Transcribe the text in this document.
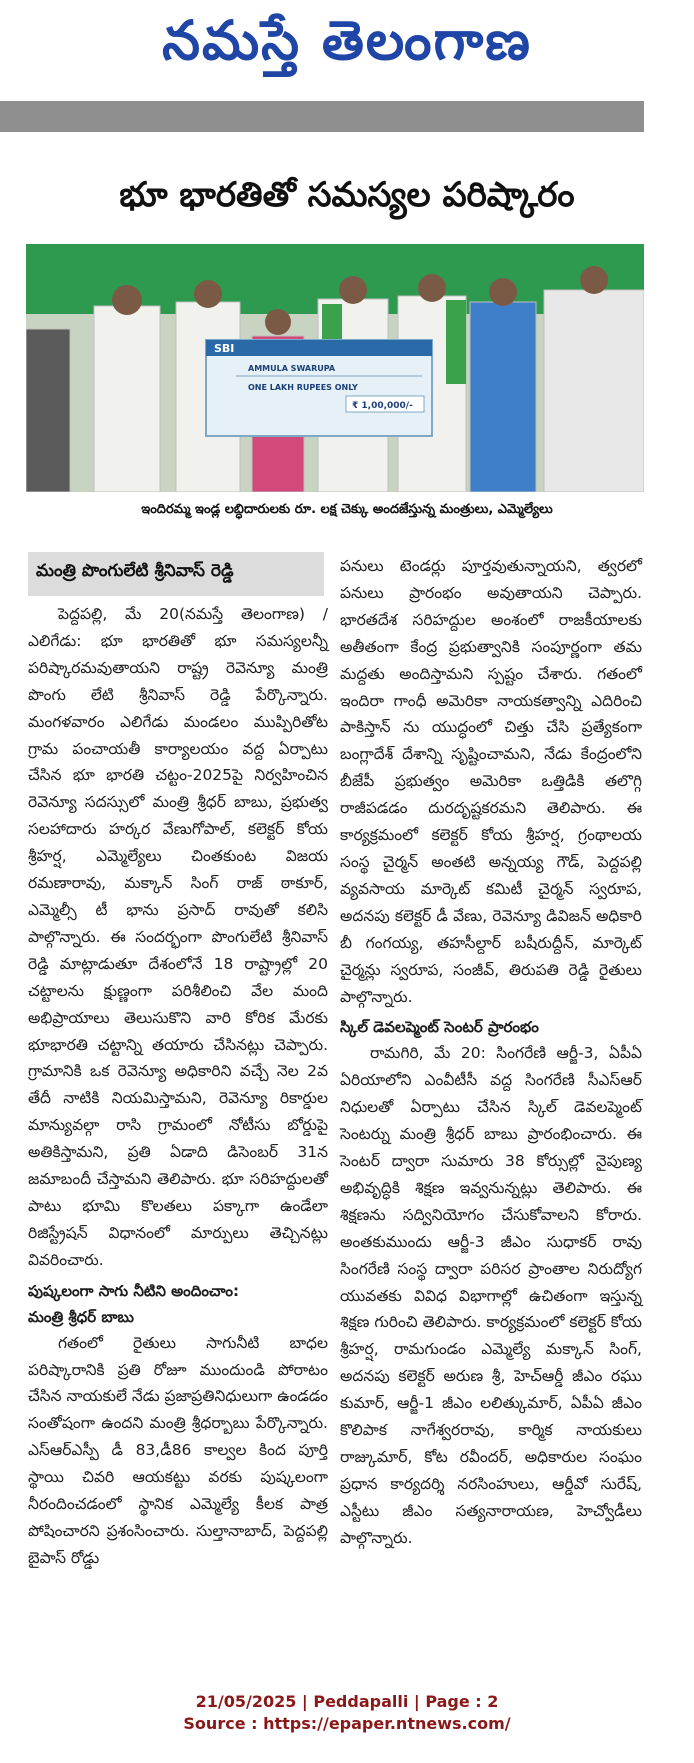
నమస్తే తెలంగాణ
భూ భారతితో సమస్యల పరిష్కారం
SBI
AMMULA SWARUPA
ONE LAKH RUPEES ONLY
₹ 1,00,000/-
ఇందిరమ్మ ఇండ్ల లబ్ధిదారులకు రూ. లక్ష చెక్కు అందజేస్తున్న మంత్రులు, ఎమ్మెల్యేలు
మంత్రి పొంగులేటి శ్రీనివాస్ రెడ్డి

పెద్దపల్లి, మే 20(నమస్తే తెలంగాణ) / ఎలిగేడు: భూ భారతితో భూ సమస్యలన్నీ పరిష్కారమవుతాయని రాష్ట్ర రెవెన్యూ మంత్రి పొంగు లేటి శ్రీనివాస్ రెడ్డి పేర్కొన్నారు. మంగళవారం ఎలిగేడు మండలం ముప్పిరితోట గ్రామ పంచాయతీ కార్యాలయం వద్ద ఏర్పాటు చేసిన భూ భారతి చట్టం-2025పై నిర్వహించిన రెవెన్యూ సదస్సులో మంత్రి శ్రీధర్ బాబు, ప్రభుత్వ సలహాదారు హర్కర వేణుగోపాల్, కలెక్టర్ కోయ శ్రీహర్ష, ఎమ్మెల్యేలు చింతకుంట విజయ రమణారావు, మక్కాన్ సింగ్ రాజ్ ఠాకూర్, ఎమ్మెల్సీ టీ భాను ప్రసాద్ రావుతో కలిసి పాల్గొన్నారు. ఈ సందర్భంగా పొంగులేటి శ్రీనివాస్ రెడ్డి మాట్లాడుతూ దేశంలోనే 18 రాష్ట్రాల్లో 20 చట్టాలను క్షుణ్ణంగా పరిశీలించి వేల మంది అభిప్రాయాలు తెలుసుకొని వారి కోరిక మేరకు భూభారతి చట్టాన్ని తయారు చేసినట్లు చెప్పారు. గ్రామానికి ఒక రెవెన్యూ అధికారిని వచ్చే నెల 2వ తేదీ నాటికి నియమిస్తామని, రెవెన్యూ రికార్డుల మాన్యువల్గా రాసి గ్రామంలో నోటీసు బోర్డుపై అతికిస్తామని, ప్రతి ఏడాది డిసెంబర్ 31న జమాబందీ చేస్తామని తెలిపారు. భూ సరిహద్దులతో పాటు భూమి కొలతలు పక్కాగా ఉండేలా రిజిస్ట్రేషన్ విధానంలో మార్పులు తెచ్చినట్లు వివరించారు.

పుష్కలంగా సాగు నీటిని అందించాం:
మంత్రి శ్రీధర్ బాబు

గతంలో రైతులు సాగునీటి బాధల పరిష్కారానికి ప్రతి రోజూ ముందుండి పోరాటం చేసిన నాయకులే నేడు ప్రజాప్రతినిధులుగా ఉండడం సంతోషంగా ఉందని మంత్రి శ్రీధర్బాబు పేర్కొన్నారు. ఎస్ఆర్ఎస్పీ డీ 83,డీ86 కాల్వల కింద పూర్తి స్థాయి చివరి ఆయకట్టు వరకు పుష్కలంగా నీరందించడంలో స్థానిక ఎమ్మెల్యే కీలక పాత్ర పోషించారని ప్రశంసించారు. సుల్తానాబాద్, పెద్దపల్లి బైపాస్ రోడ్డు

పనులు టెండర్లు పూర్తవుతున్నాయని, త్వరలో పనులు ప్రారంభం అవుతాయని చెప్పారు. భారతదేశ సరిహద్దుల అంశంలో రాజకీయాలకు అతీతంగా కేంద్ర ప్రభుత్వానికి సంపూర్ణంగా తమ మద్దతు అందిస్తామని స్పష్టం చేశారు. గతంలో ఇందిరా గాంధీ అమెరికా నాయకత్వాన్ని ఎదిరించి పాకిస్తాన్ ను యుద్ధంలో చిత్తు చేసి ప్రత్యేకంగా బంగ్లాదేశ్ దేశాన్ని సృష్టించామని, నేడు కేంద్రంలోని బీజేపీ ప్రభుత్వం అమెరికా ఒత్తిడికి తలొగ్గి రాజీపడడం దురదృష్టకరమని తెలిపారు. ఈ కార్యక్రమంలో కలెక్టర్ కోయ శ్రీహర్ష, గ్రంథాలయ సంస్థ చైర్మన్ అంతటి అన్నయ్య గౌడ్, పెద్దపల్లి వ్యవసాయ మార్కెట్ కమిటీ చైర్మన్ స్వరూప, అదనపు కలెక్టర్ డీ వేణు, రెవెన్యూ డివిజన్ అధికారి బీ గంగయ్య, తహసీల్దార్ బషీరుద్దీన్, మార్కెట్ చైర్మన్లు స్వరూప, సంజీవ్, తిరుపతి రెడ్డి రైతులు పాల్గొన్నారు.

స్కిల్ డెవలప్మెంట్ సెంటర్ ప్రారంభం

రామగిరి, మే 20: సింగరేణి ఆర్జీ-3, ఏపీఏ ఏరియాలోని ఎంవీటీసీ వద్ద సింగరేణి సీఎస్ఆర్ నిధులతో ఏర్పాటు చేసిన స్కిల్ డెవలప్మెంట్ సెంటర్ను మంత్రి శ్రీధర్ బాబు ప్రారంభించారు. ఈ సెంటర్ ద్వారా సుమారు 38 కోర్సుల్లో నైపుణ్య అభివృద్ధికి శిక్షణ ఇవ్వనున్నట్లు తెలిపారు. ఈ శిక్షణను సద్వినియోగం చేసుకోవాలని కోరారు. అంతకుముందు ఆర్జీ-3 జీఎం సుధాకర్ రావు సింగరేణి సంస్థ ద్వారా పరిసర ప్రాంతాల నిరుద్యోగ యువతకు వివిధ విభాగాల్లో ఉచితంగా ఇస్తున్న శిక్షణ గురించి తెలిపారు. కార్యక్రమంలో కలెక్టర్ కోయ శ్రీహర్ష, రామగుండం ఎమ్మెల్యే మక్కాన్ సింగ్, అదనపు కలెక్టర్ అరుణ శ్రీ, హెచ్ఆర్డీ జీఎం రఘు కుమార్, ఆర్జీ-1 జీఎం లలిత్కుమార్, ఏపీఏ జీఎం కొలిపాక నాగేశ్వరరావు, కార్మిక నాయకులు రాజ్కుమార్, కోట రవీందర్, అధికారుల సంఘం ప్రధాన కార్యదర్శి నరసింహులు, ఆర్డీవో సురేష్, ఎస్టీటు జీఎం సత్యనారాయణ, హెచ్వోడీలు పాల్గొన్నారు.

21/05/2025 | Peddapalli | Page : 2
Source : https://epaper.ntnews.com/
